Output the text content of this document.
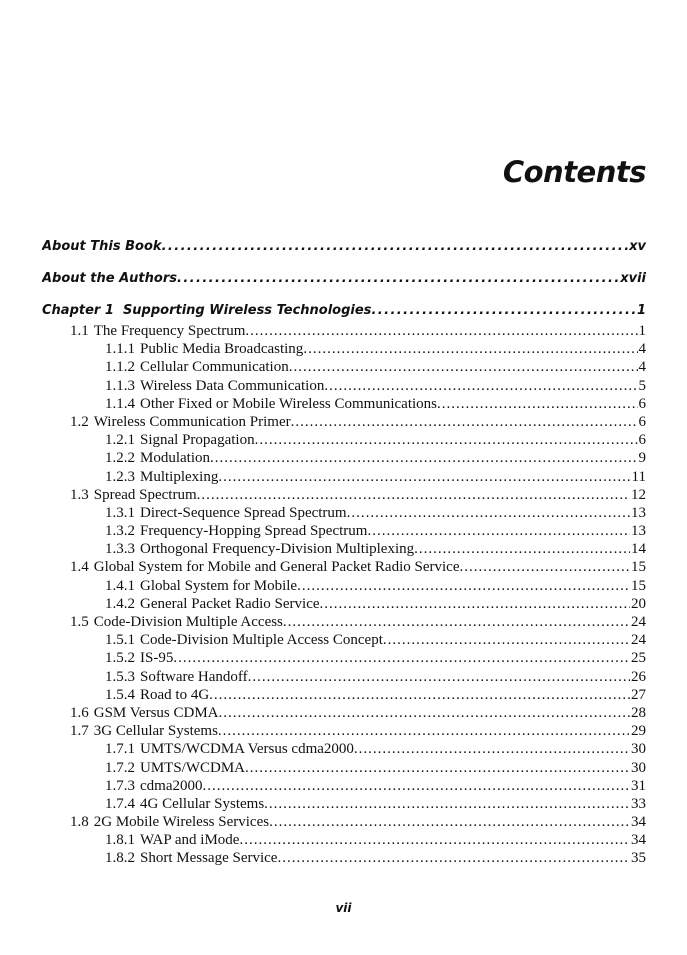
Contents
About This Book .....	xv
About the Authors .....	xvii
Chapter 1  Supporting Wireless Technologies .....	1
1.1 The Frequency Spectrum .....	1
1.1.1 Public Media Broadcasting .....	4
1.1.2 Cellular Communication .....	4
1.1.3 Wireless Data Communication .....	5
1.1.4 Other Fixed or Mobile Wireless Communications .....	6
1.2 Wireless Communication Primer .....	6
1.2.1 Signal Propagation .....	6
1.2.2 Modulation .....	9
1.2.3 Multiplexing .....	11
1.3 Spread Spectrum .....	12
1.3.1 Direct-Sequence Spread Spectrum .....	13
1.3.2 Frequency-Hopping Spread Spectrum .....	13
1.3.3 Orthogonal Frequency-Division Multiplexing .....	14
1.4 Global System for Mobile and General Packet Radio Service .....	15
1.4.1 Global System for Mobile .....	15
1.4.2 General Packet Radio Service .....	20
1.5 Code-Division Multiple Access .....	24
1.5.1 Code-Division Multiple Access Concept .....	24
1.5.2 IS-95 .....	25
1.5.3 Software Handoff .....	26
1.5.4 Road to 4G .....	27
1.6 GSM Versus CDMA .....	28
1.7 3G Cellular Systems .....	29
1.7.1 UMTS/WCDMA Versus cdma2000 .....	30
1.7.2 UMTS/WCDMA .....	30
1.7.3 cdma2000 .....	31
1.7.4 4G Cellular Systems .....	33
1.8 2G Mobile Wireless Services .....	34
1.8.1 WAP and iMode .....	34
1.8.2 Short Message Service .....	35
vii
